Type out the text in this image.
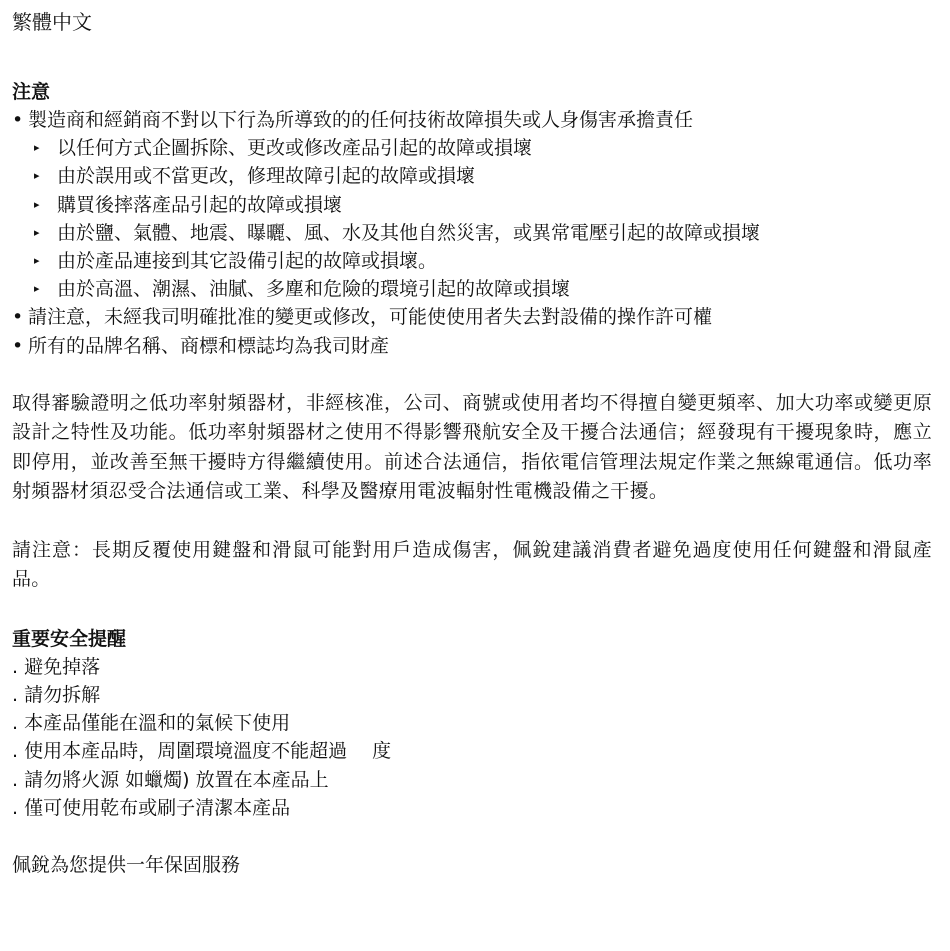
繁體中文
注意

• 製造商和經銷商不對以下行為所導致的的任何技術故障損失或人身傷害承擔責任

▸ 以任何方式企圖拆除、更改或修改產品引起的故障或損壞

▸ 由於誤用或不當更改，修理故障引起的故障或損壞

▸ 購買後摔落產品引起的故障或損壞

▸ 由於鹽、氣體、地震、曝曬、風、水及其他自然災害，或異常電壓引起的故障或損壞

▸ 由於產品連接到其它設備引起的故障或損壞。

▸ 由於高溫、潮濕、油膩、多塵和危險的環境引起的故障或損壞

• 請注意，未經我司明確批准的變更或修改，可能使使用者失去對設備的操作許可權

• 所有的品牌名稱、商標和標誌均為我司財產

取得審驗證明之低功率射頻器材，非經核准，公司、商號或使用者均不得擅自變更頻率、加大功率或變更原設計之特性及功能。低功率射頻器材之使用不得影響飛航安全及干擾合法通信；經發現有干擾現象時，應立即停用，並改善至無干擾時方得繼續使用。前述合法通信，指依電信管理法規定作業之無線電通信。低功率射頻器材須忍受合法通信或工業、科學及醫療用電波輻射性電機設備之干擾。

請注意：長期反覆使用鍵盤和滑鼠可能對用戶造成傷害，佩銳建議消費者避免過度使用任何鍵盤和滑鼠產品。

重要安全提醒

. 避免掉落

. 請勿拆解

. 本產品僅能在溫和的氣候下使用

. 使用本產品時，周圍環境溫度不能超過　 度

. 請勿將火源 如蠟燭) 放置在本產品上

. 僅可使用乾布或刷子清潔本產品

佩銳為您提供一年保固服務
